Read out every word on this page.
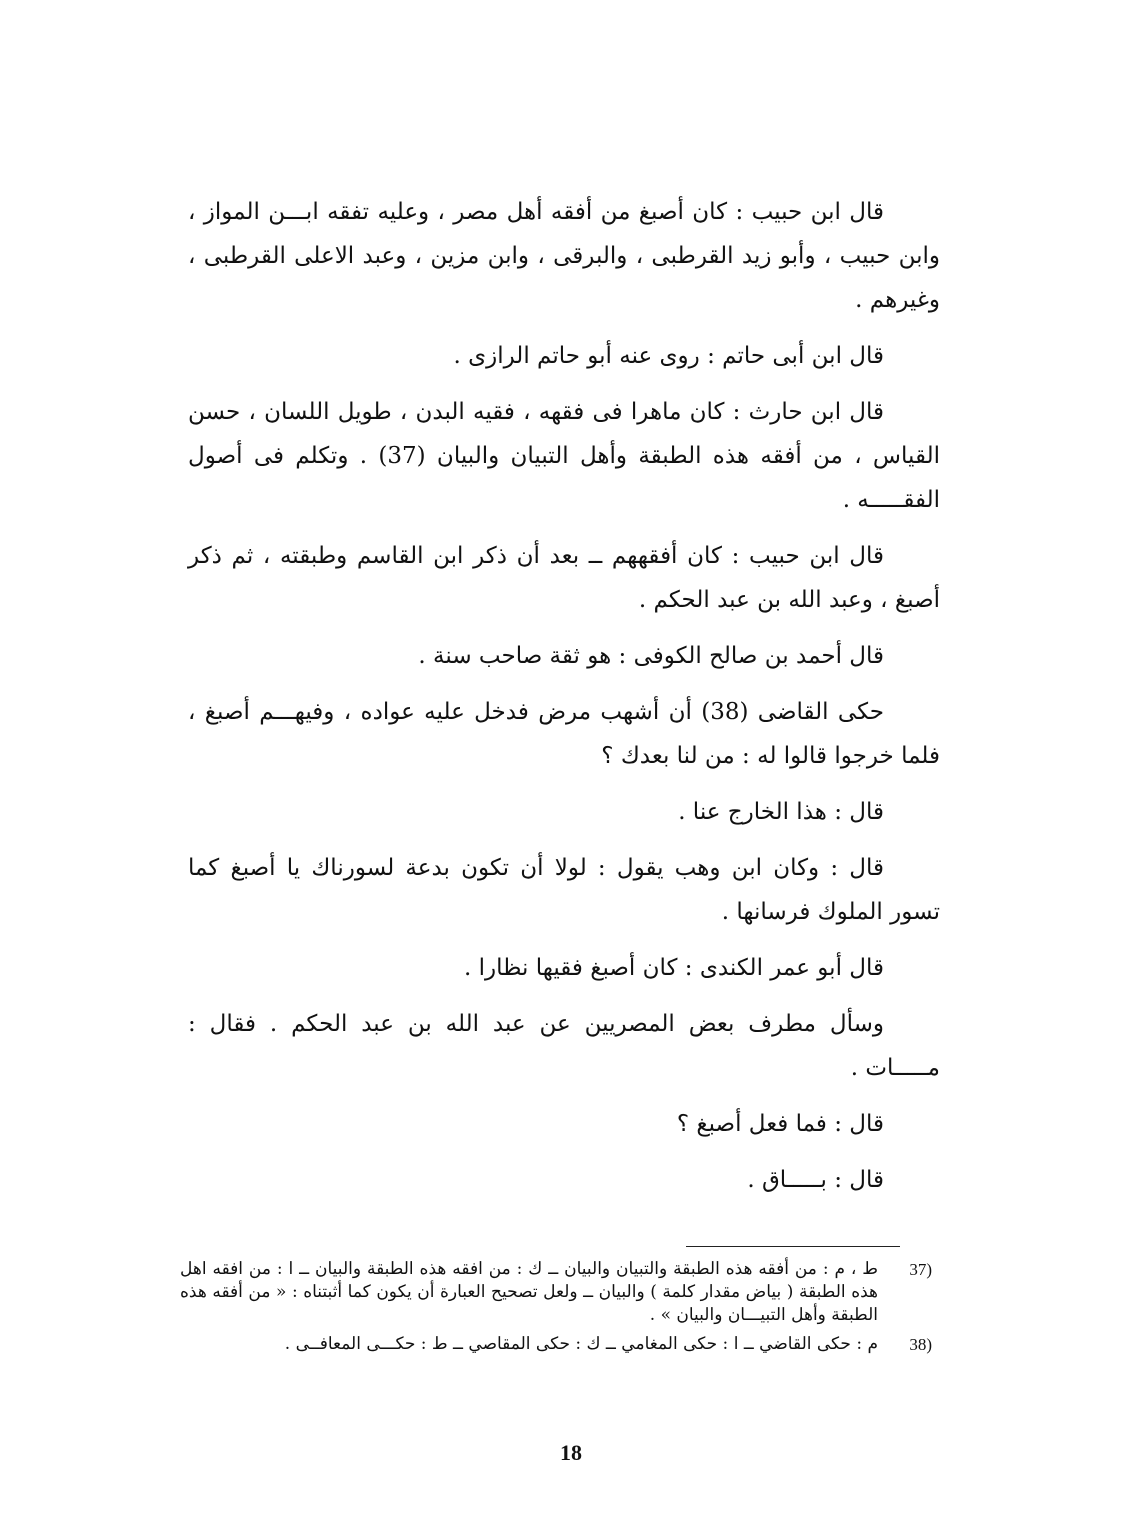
قال ابن حبيب : كان أصبغ من أفقه أهل مصر ، وعليه تفقه ابـــن المواز ، وابن حبيب ، وأبو زيد القرطبى ، والبرقى ، وابن مزين ، وعبد الاعلى القرطبى ، وغيرهم .

قال ابن أبى حاتم : روى عنه أبو حاتم الرازى .

قال ابن حارث : كان ماهرا فى فقهه ، فقيه البدن ، طويل اللسان ، حسن القياس ، من أفقه هذه الطبقة وأهل التبيان والبيان (37) . وتكلم فى أصول الفقـــــه .

قال ابن حبيب : كان أفقههم ــ بعد أن ذكر ابن القاسم وطبقته ، ثم ذكر أصبغ ، وعبد الله بن عبد الحكم .

قال أحمد بن صالح الكوفى : هو ثقة صاحب سنة .

حكى القاضى (38) أن أشهب مرض فدخل عليه عواده ، وفيهـــم أصبغ ، فلما خرجوا قالوا له : من لنا بعدك ؟

قال : هذا الخارج عنا .

قال : وكان ابن وهب يقول : لولا أن تكون بدعة لسورناك يا أصبغ كما تسور الملوك فرسانها .

قال أبو عمر الكندى : كان أصبغ فقيها نظارا .

وسأل مطرف بعض المصريين عن عبد الله بن عبد الحكم . فقال : مـــــات .

قال : فما فعل أصبغ ؟

قال : بـــــاق .

37)
ط ، م : من أفقه هذه الطبقة والتبيان والبيان ــ ك : من افقه هذه الطبقة والبيان ــ ا : من افقه اهل هذه الطبقة ( بياض مقدار كلمة ) والبيان ــ ولعل تصحيح العبارة أن يكون كما أثبتناه : « من أفقه هذه الطبقة وأهل التبيـــان والبيان » .
38)
م : حكى القاضي ــ ا : حكى المغامي ــ ك : حكى المقاصي ــ ط : حكـــى المعافــى .
18
